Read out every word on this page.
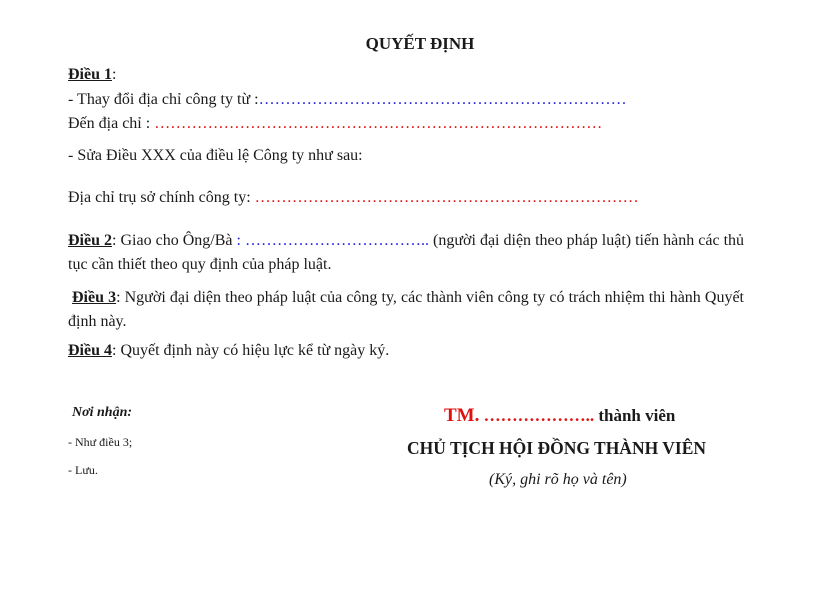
QUYẾT ĐỊNH
Điều 1:
- Thay đổi địa chỉ công ty từ :……………………………………………………………
Đến địa chỉ : …………………………………………………………………………
- Sửa Điều XXX của điều lệ Công ty như sau:
Địa chỉ trụ sở chính công ty: ………………………………………………………………
Điều 2: Giao cho Ông/Bà : …………………………….. (người đại diện theo pháp luật) tiến hành các thủ tục cần thiết theo quy định của pháp luật.
Điều 3: Người đại diện theo pháp luật của công ty, các thành viên công ty có trách nhiệm thi hành Quyết định này.
Điều 4: Quyết định này có hiệu lực kể từ ngày ký.
Nơi nhận:
- Như điều 3;
- Lưu.
TM. ……………….. thành viên
CHỦ TỊCH HỘI ĐỒNG THÀNH VIÊN
(Ký, ghi rõ họ và tên)
